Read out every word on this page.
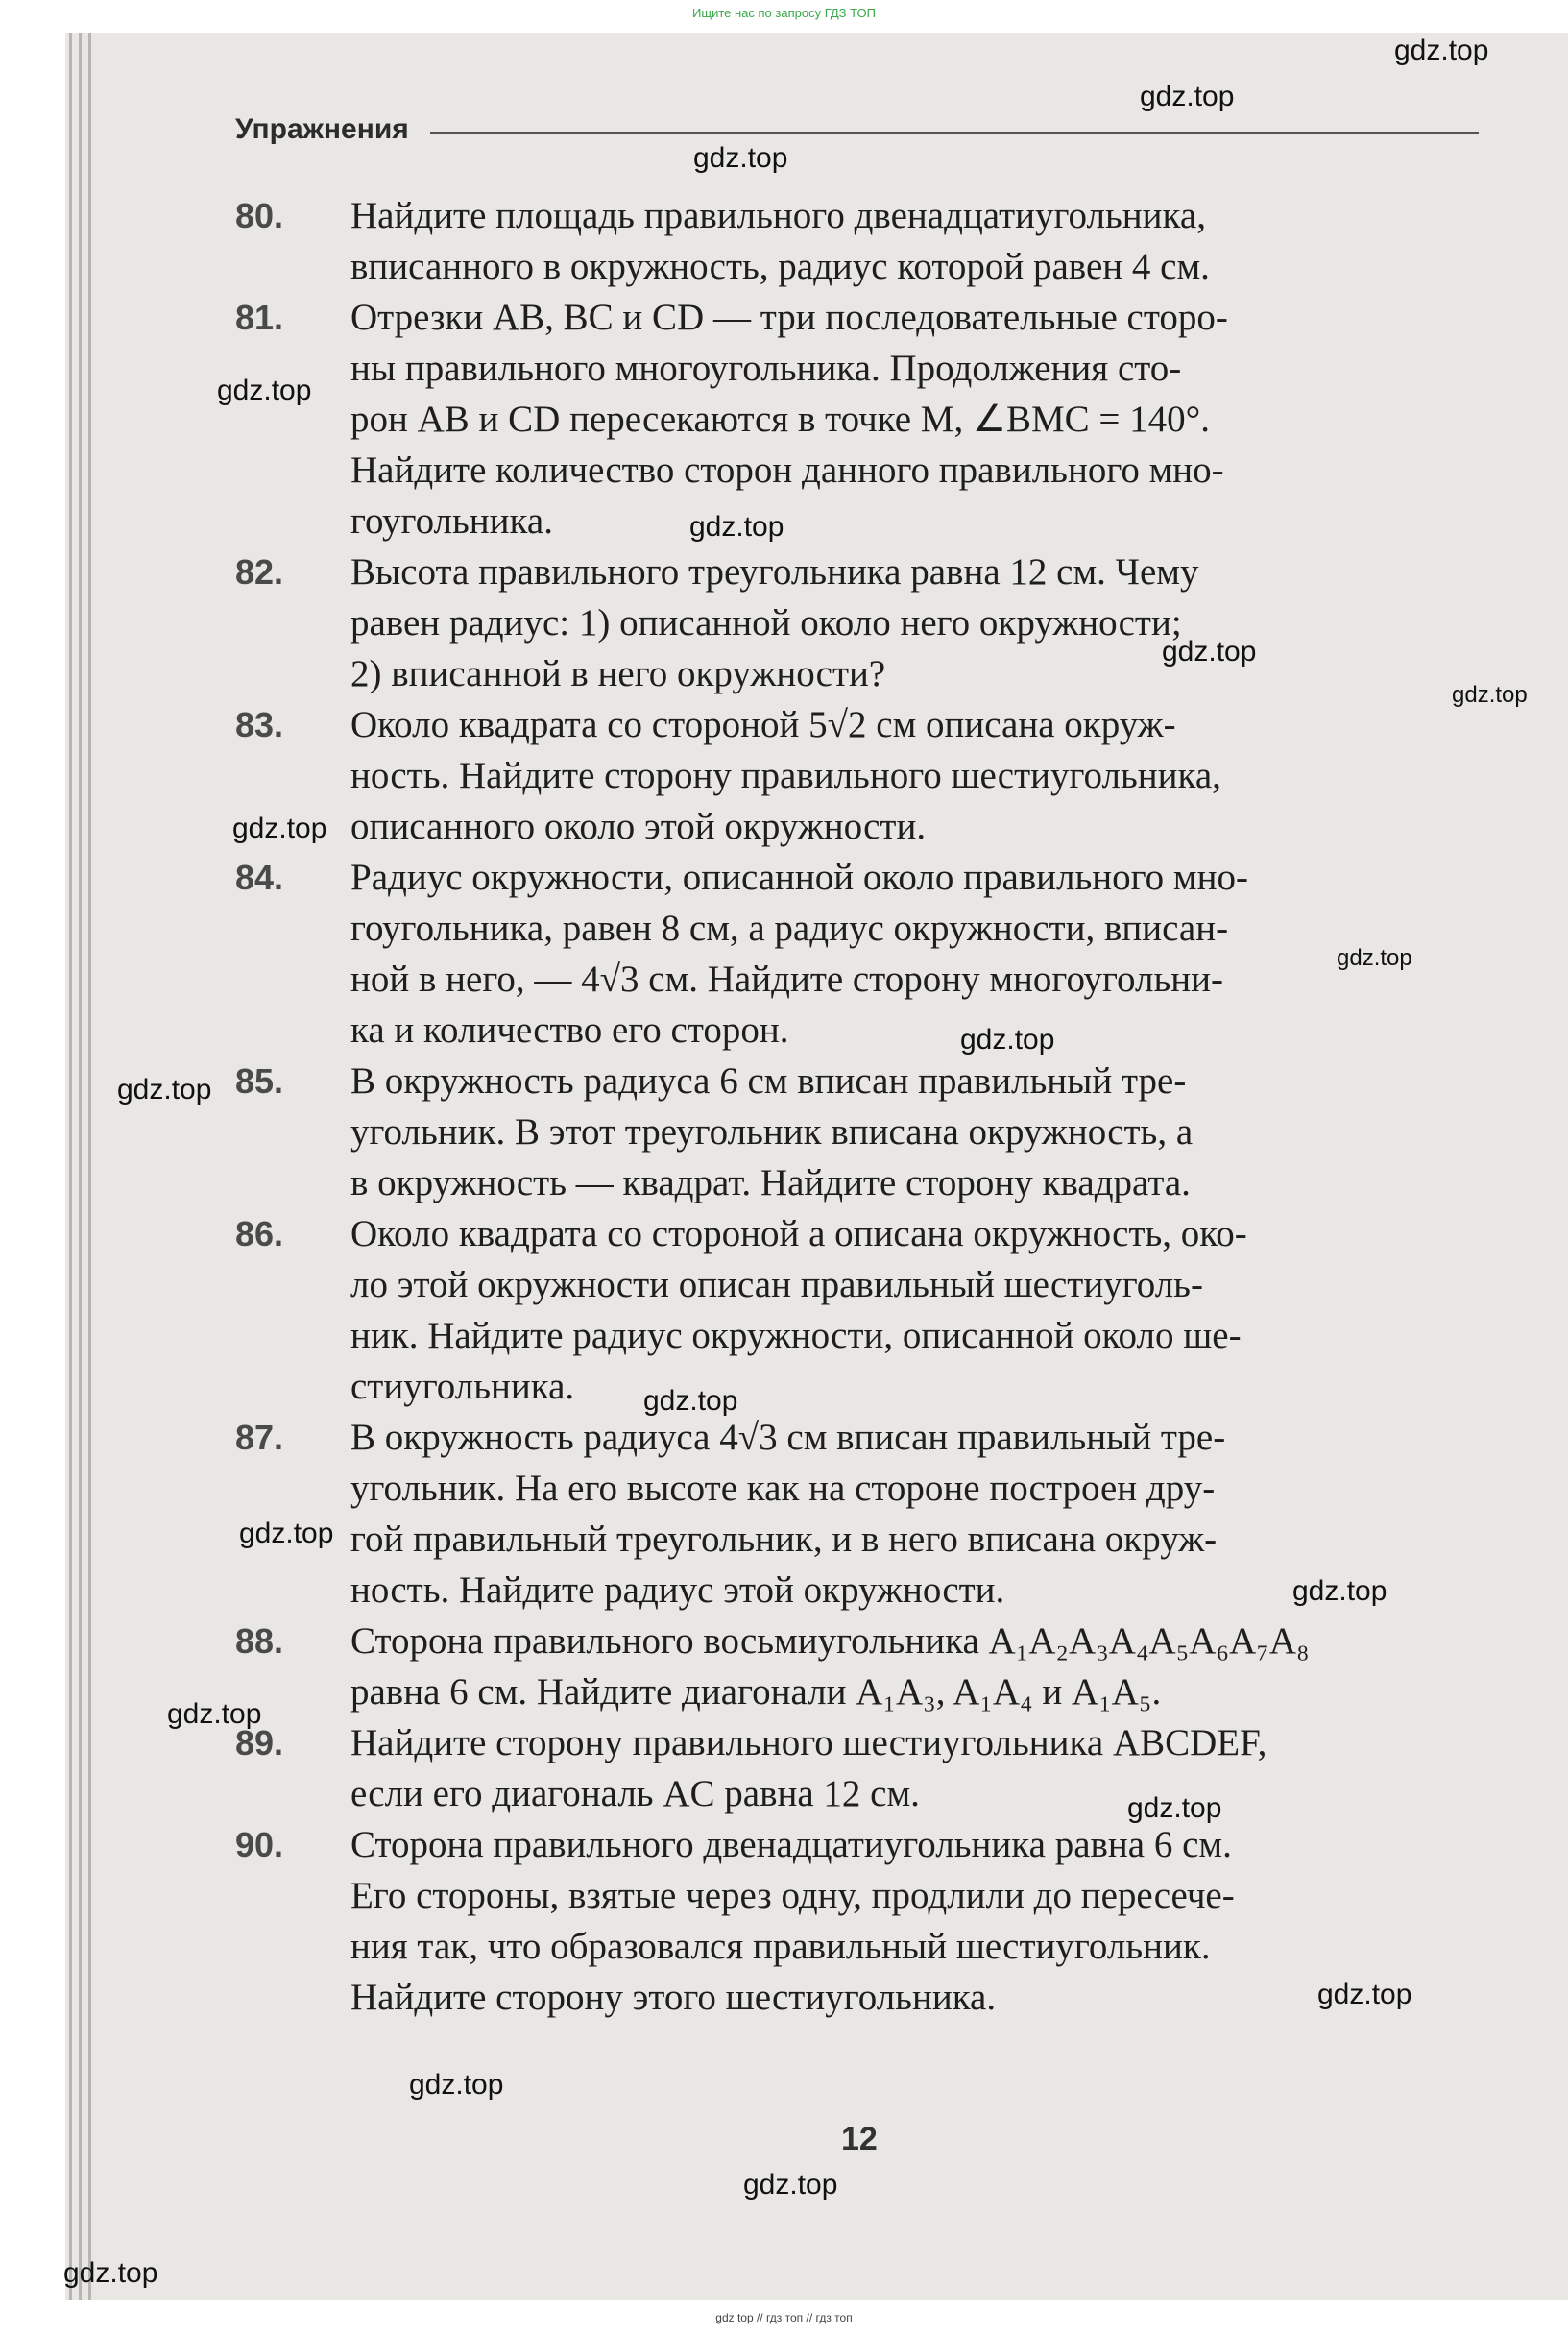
Ищите нас по запросу ГДЗ ТОП
Упражнения
80.	Найдите площадь правильного двенадцатиугольника,
вписанного в окружность, радиус которой равен 4 см.
81.	Отрезки AB, BC и CD — три последовательные сторо-
ны правильного многоугольника. Продолжения сто-
рон AB и CD пересекаются в точке M, ∠BMC = 140°.
Найдите количество сторон данного правильного мно-
гоугольника.
82.	Высота правильного треугольника равна 12 см. Чему
равен радиус: 1) описанной около него окружности;
2) вписанной в него окружности?
83.	Около квадрата со стороной 5√2 см описана окруж-
ность. Найдите сторону правильного шестиугольника,
описанного около этой окружности.
84.	Радиус окружности, описанной около правильного мно-
гоугольника, равен 8 см, а радиус окружности, вписан-
ной в него, — 4√3 см. Найдите сторону многоугольни-
ка и количество его сторон.
85.	В окружность радиуса 6 см вписан правильный тре-
угольник. В этот треугольник вписана окружность, а
в окружность — квадрат. Найдите сторону квадрата.
86.	Около квадрата со стороной a описана окружность, око-
ло этой окружности описан правильный шестиуголь-
ник. Найдите радиус окружности, описанной около ше-
стиугольника.
87.	В окружность радиуса 4√3 см вписан правильный тре-
угольник. На его высоте как на стороне построен дру-
гой правильный треугольник, и в него вписана окруж-
ность. Найдите радиус этой окружности.
88.	Сторона правильного восьмиугольника A₁A₂A₃A₄A₅A₆A₇A₈
равна 6 см. Найдите диагонали A₁A₃, A₁A₄ и A₁A₅.
89.	Найдите сторону правильного шестиугольника ABCDEF,
если его диагональ AC равна 12 см.
90.	Сторона правильного двенадцатиугольника равна 6 см.
Его стороны, взятые через одну, продлили до пересече-
ния так, что образовался правильный шестиугольник.
Найдите сторону этого шестиугольника.
12
gdz.top
gdz.top
gdz.top
gdz.top
gdz.top
gdz.top
gdz.top
gdz.top
gdz.top
gdz.top
gdz.top
gdz.top
gdz.top
gdz.top
gdz.top
gdz.top
gdz.top
gdz.top
gdz.top
gdz.top
gdz top // гдз топ // гдз топ
